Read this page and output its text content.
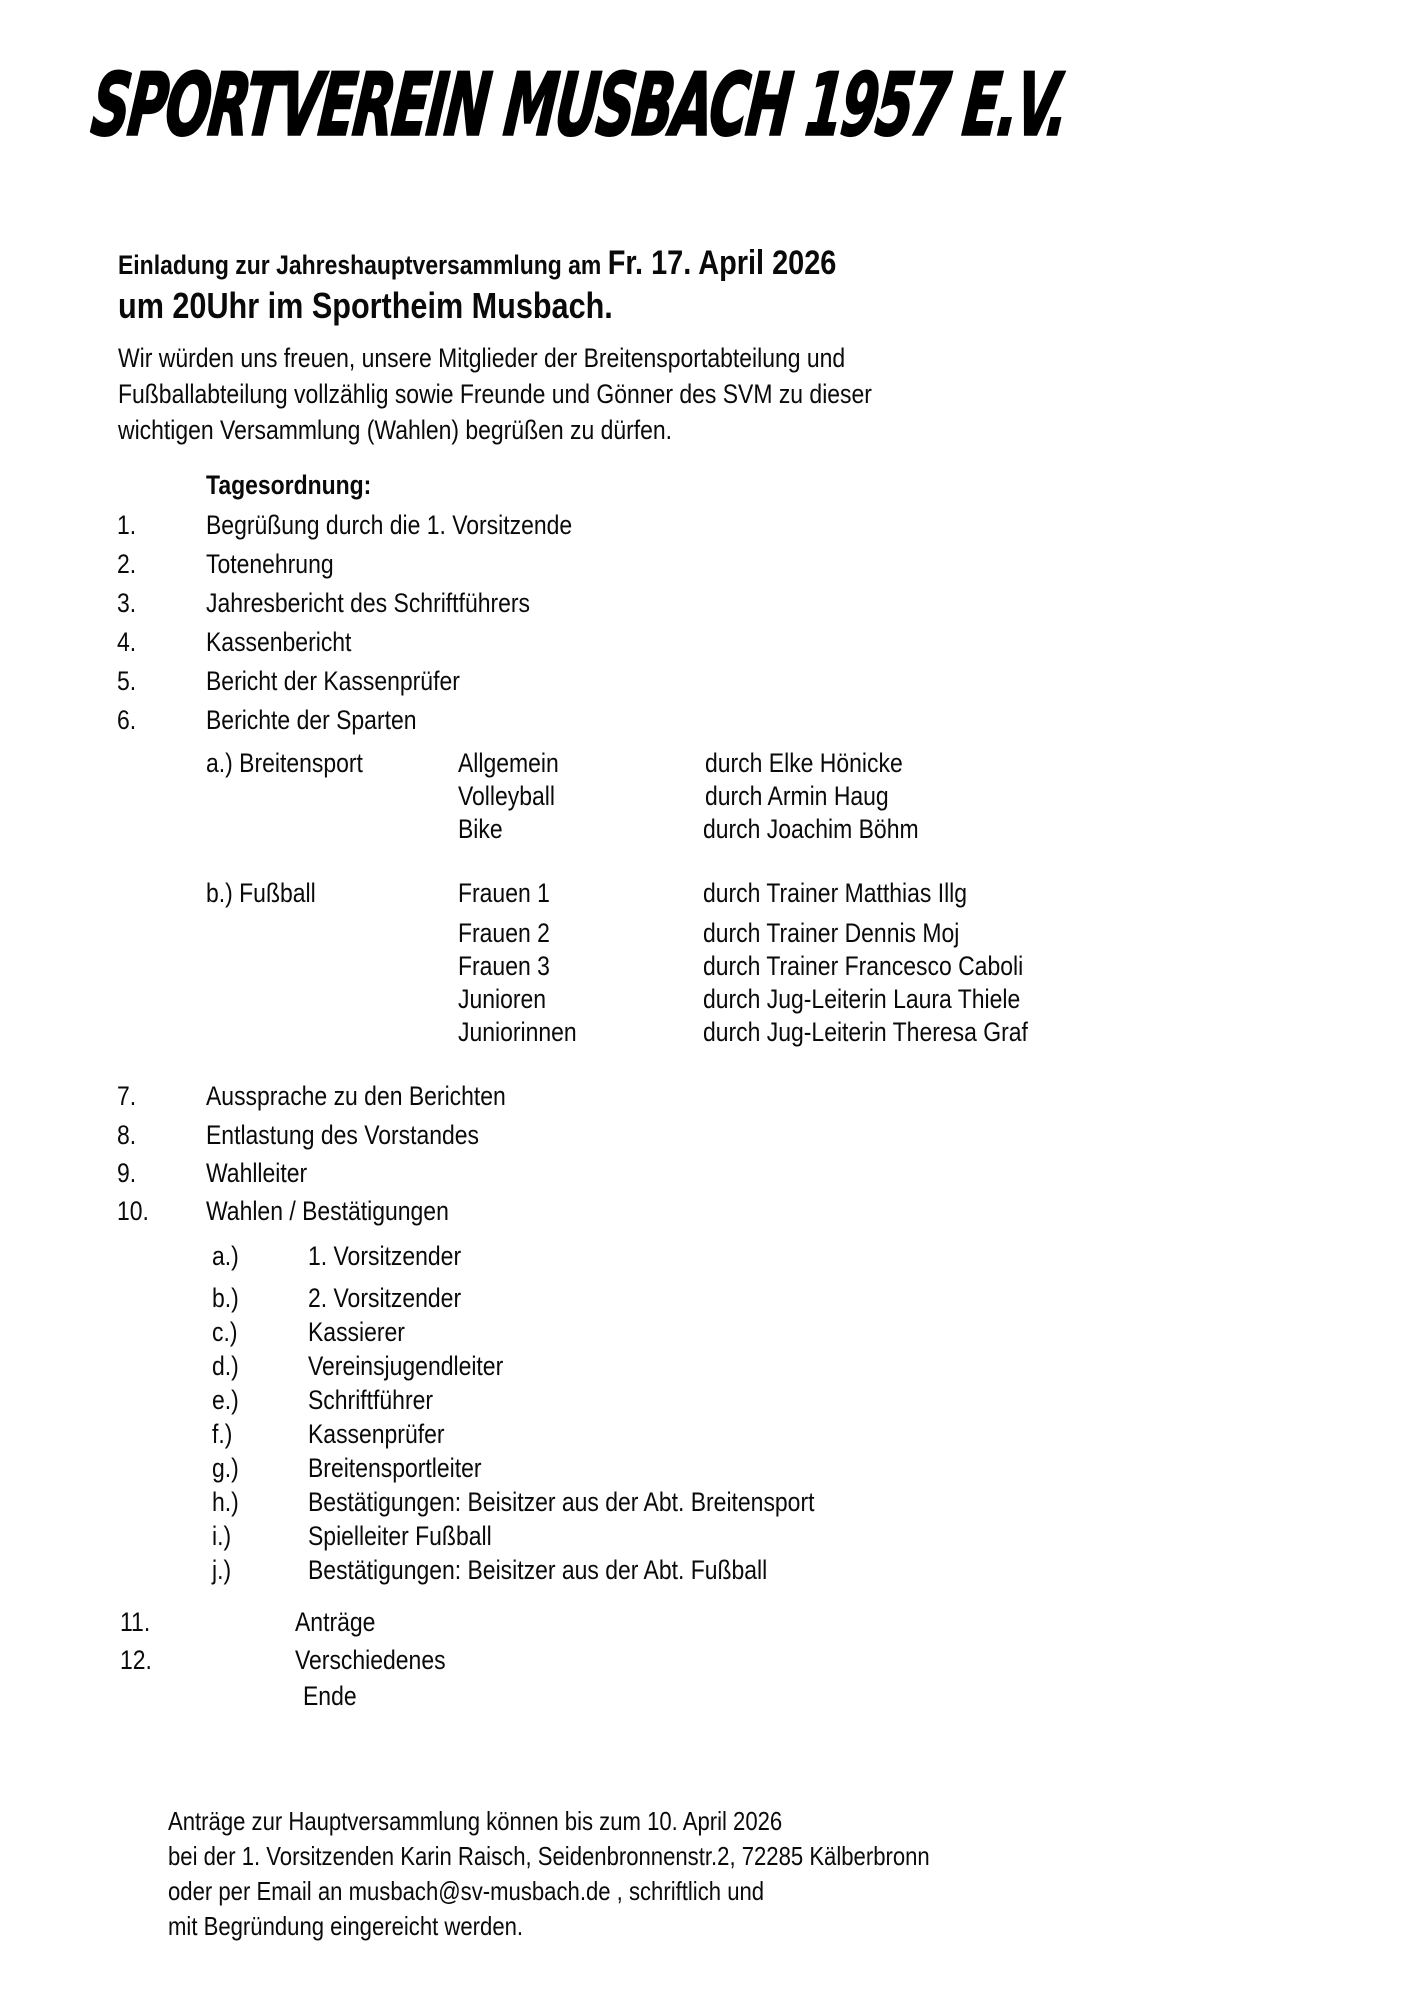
SPORTVEREIN MUSBACH 1957 E.V.
Einladung zur Jahreshauptversammlung am Fr. 17. April 2026
um 20Uhr im Sportheim Musbach.
Wir würden uns freuen, unsere Mitglieder der Breitensportabteilung und
Fußballabteilung vollzählig sowie Freunde und Gönner des SVM zu dieser
wichtigen Versammlung (Wahlen) begrüßen zu dürfen.
Tagesordnung:
1.	Begrüßung durch die 1. Vorsitzende
2.	Totenehrung
3.	Jahresbericht des Schriftführers
4.	Kassenbericht
5.	Bericht der Kassenprüfer
6.	Berichte der Sparten
a.) Breitensport	Allgemein	durch Elke Hönicke
Volleyball	durch Armin Haug
Bike	durch Joachim Böhm
b.) Fußball	Frauen 1	durch Trainer Matthias Illg
Frauen 2	durch Trainer Dennis Moj
Frauen 3	durch Trainer Francesco Caboli
Junioren	durch Jug-Leiterin Laura Thiele
Juniorinnen	durch Jug-Leiterin Theresa Graf
7.	Aussprache zu den Berichten
8.	Entlastung des Vorstandes
9.	Wahlleiter
10. Wahlen / Bestätigungen
a.)	1. Vorsitzender
b.)	2. Vorsitzender
c.)	Kassierer
d.)	Vereinsjugendleiter
e.)	Schriftführer
f.)	Kassenprüfer
g.)	Breitensportleiter
h.)	Bestätigungen: Beisitzer aus der Abt. Breitensport
i.)	Spielleiter Fußball
j.)	Bestätigungen: Beisitzer aus der Abt. Fußball
11.	Anträge
12.	Verschiedenes
Ende
Anträge zur Hauptversammlung können bis zum 10. April 2026
bei der 1. Vorsitzenden Karin Raisch, Seidenbronnenstr.2, 72285 Kälberbronn
oder per Email an musbach@sv-musbach.de , schriftlich und
mit Begründung eingereicht werden.
